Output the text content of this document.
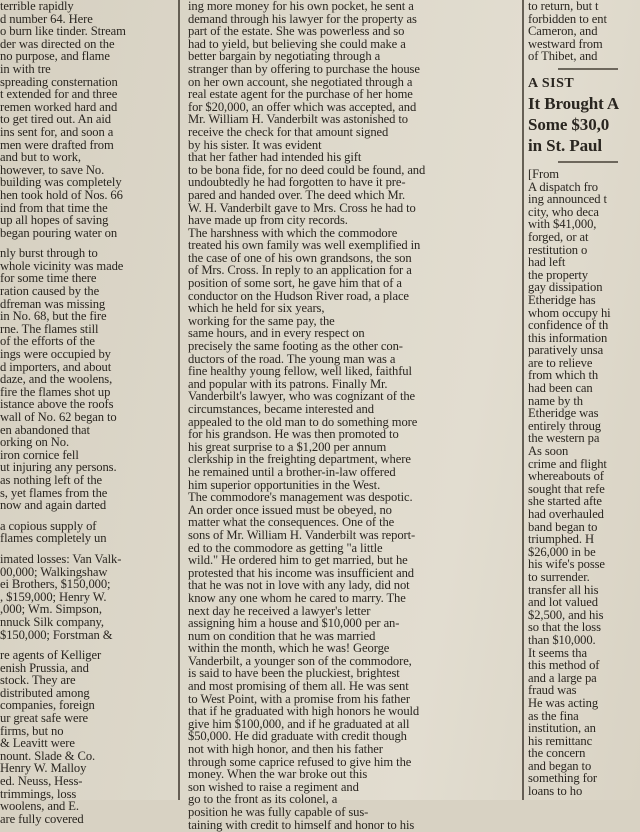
terrible rapidly

d number 64. Here

o burn like tinder. Stream

der was directed on the

no purpose, and flame

in with tre

spreading consternation

t extended for and three

remen worked hard and

to get tired out. An aid

ins sent for, and soon a

men were drafted from

and but to work,

however, to save No.

building was completely

hen took hold of Nos. 66

ind from that time the

up all hopes of saving

began pouring water on

nly burst through to

whole vicinity was made

for some time there

ration caused by the

dfreman was missing

in No. 68, but the fire

rne. The flames still

of the efforts of the

ings were occupied by

d importers, and about

daze, and the woolens,

fire the flames shot up

istance above the roofs

wall of No. 62 began to

en abandoned that

orking on No.

iron cornice fell

ut injuring any persons.

as nothing left of the

s, yet flames from the

now and again darted

a copious supply of

flames completely un

imated losses: Van Valk-

00,000; Walkingshaw

ei Brothers, $150,000;

, $159,000; Henry W.

,000; Wm. Simpson,

nnuck Silk company,

$150,000; Forstman &

re agents of Kelliger

enish Prussia, and

stock. They are

distributed among

companies, foreign

ur great safe were

firms, but no

& Leavitt were

nount. Slade & Co.

Henry W. Malloy

ed. Neuss, Hess-

trimmings, loss

woolens, and E.

are fully covered

ing more money for his own pocket, he sent a

demand through his lawyer for the property as

part of the estate. She was powerless and so

had to yield, but believing she could make a

better bargain by negotiating through a

stranger than by offering to purchase the house

on her own account, she negotiated through a

real estate agent for the purchase of her home

for $20,000, an offer which was accepted, and

Mr. William H. Vanderbilt was astonished to

receive the check for that amount signed

by his sister. It was evident

that her father had intended his gift

to be bona fide, for no deed could be found, and

undoubtedly he had forgotten to have it pre-

pared and handed over. The deed which Mr.

W. H. Vanderbilt gave to Mrs. Cross he had to

have made up from city records.

The harshness with which the commodore

treated his own family was well exemplified in

the case of one of his own grandsons, the son

of Mrs. Cross. In reply to an application for a

position of some sort, he gave him that of a

conductor on the Hudson River road, a place

which he held for six years,

working for the same pay, the

same hours, and in every respect on

precisely the same footing as the other con-

ductors of the road. The young man was a

fine healthy young fellow, well liked, faithful

and popular with its patrons. Finally Mr.

Vanderbilt's lawyer, who was cognizant of the

circumstances, became interested and

appealed to the old man to do something more

for his grandson. He was then promoted to

his great surprise to a $1,200 per annum

clerkship in the freighting department, where

he remained until a brother-in-law offered

him superior opportunities in the West.

The commodore's management was despotic.

An order once issued must be obeyed, no

matter what the consequences. One of the

sons of Mr. William H. Vanderbilt was report-

ed to the commodore as getting "a little

wild." He ordered him to get married, but he

protested that his income was insufficient and

that he was not in love with any lady, did not

know any one whom he cared to marry. The

next day he received a lawyer's letter

assigning him a house and $10,000 per an-

num on condition that he was married

within the month, which he was! George

Vanderbilt, a younger son of the commodore,

is said to have been the pluckiest, brightest

and most promising of them all. He was sent

to West Point, with a promise from his father

that if he graduated with high honors he would

give him $100,000, and if he graduated at all

$50,000. He did graduate with credit though

not with high honor, and then his father

through some caprice refused to give him the

money. When the war broke out this

son wished to raise a regiment and

go to the front as its colonel, a

position he was fully capable of sus-

taining with credit to himself and honor to his

to return, but t

forbidden to ent

Cameron, and

westward from

of Thibet, and

A SIST

It Brought A

Some $30,0

in St. Paul

[From

A dispatch fro

ing announced t

city, who deca

with $41,000,

forged, or at

restitution o

had left

the property

gay dissipation

Etheridge has

whom occupy hi

confidence of th

this information

paratively unsa

are to relieve

from which th

had been can

name by th

Etheridge was

entirely throug

the western pa

As soon

crime and flight

whereabouts of

sought that refe

she started afte

had overhauled

band began to

triumphed. H

$26,000 in be

his wife's posse

to surrender.

transfer all his

and lot valued

$2,500, and his

so that the loss

than $10,000.

It seems tha

this method of

and a large pa

fraud was

He was acting

as the fina

institution, an

his remittanc

the concern

and began to

something for

loans to ho
